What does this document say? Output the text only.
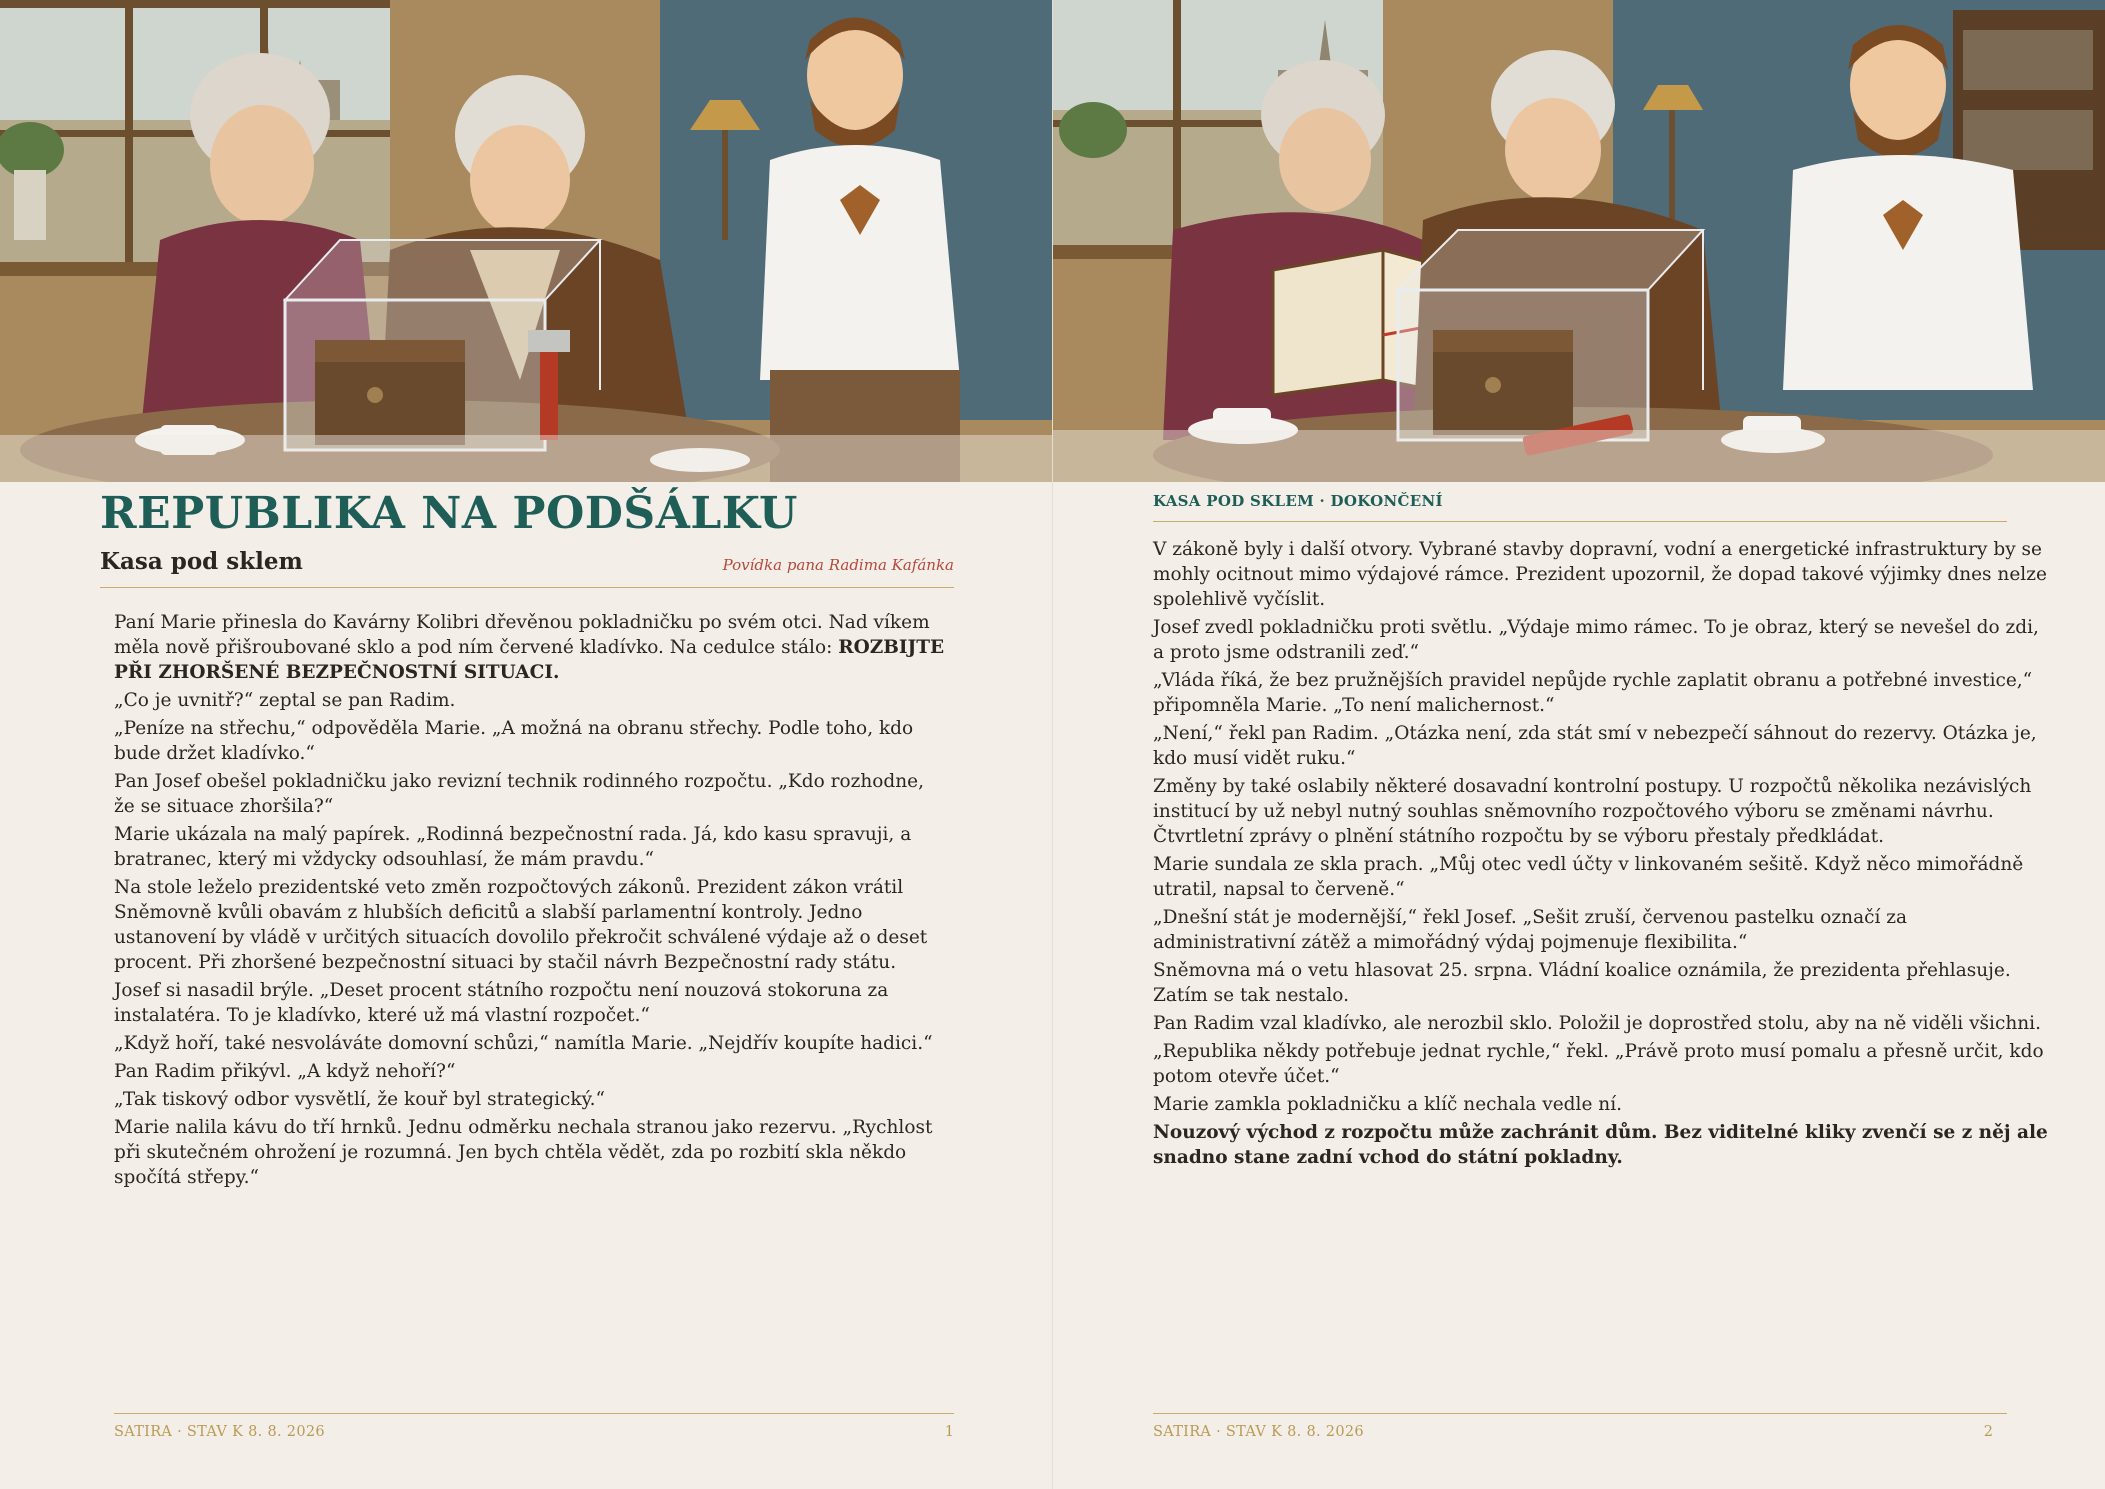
REPUBLIKA NA PODŠÁLKU
Kasa pod sklem	Povídka pana Radima Kafánka

Paní Marie přinesla do Kavárny Kolibri dřevěnou pokladničku po svém otci. Nad víkem měla nově přišroubované sklo a pod ním červené kladívko. Na cedulce stálo: ROZBIJTE PŘI ZHORŠENÉ BEZPEČNOSTNÍ SITUACI.

„Co je uvnitř?“ zeptal se pan Radim.

„Peníze na střechu,“ odpověděla Marie. „A možná na obranu střechy. Podle toho, kdo bude držet kladívko.“

Pan Josef obešel pokladničku jako revizní technik rodinného rozpočtu. „Kdo rozhodne, že se situace zhoršila?“

Marie ukázala na malý papírek. „Rodinná bezpečnostní rada. Já, kdo kasu spravuji, a bratranec, který mi vždycky odsouhlasí, že mám pravdu.“

Na stole leželo prezidentské veto změn rozpočtových zákonů. Prezident zákon vrátil Sněmovně kvůli obavám z hlubších deficitů a slabší parlamentní kontroly. Jedno ustanovení by vládě v určitých situacích dovolilo překročit schválené výdaje až o deset procent. Při zhoršené bezpečnostní situaci by stačil návrh Bezpečnostní rady státu.

Josef si nasadil brýle. „Deset procent státního rozpočtu není nouzová stokoruna za instalatéra. To je kladívko, které už má vlastní rozpočet.“

„Když hoří, také nesvoláváte domovní schůzi,“ namítla Marie. „Nejdřív koupíte hadici.“

Pan Radim přikývl. „A když nehoří?“

„Tak tiskový odbor vysvětlí, že kouř byl strategický.“

Marie nalila kávu do tří hrnků. Jednu odměrku nechala stranou jako rezervu. „Rychlost při skutečném ohrožení je rozumná. Jen bych chtěla vědět, zda po rozbití skla někdo spočítá střepy.“

SATIRA · STAV K 8. 8. 2026	1
KASA POD SKLEM · DOKONČENÍ

V zákoně byly i další otvory. Vybrané stavby dopravní, vodní a energetické infrastruktury by se mohly ocitnout mimo výdajové rámce. Prezident upozornil, že dopad takové výjimky dnes nelze spolehlivě vyčíslit.

Josef zvedl pokladničku proti světlu. „Výdaje mimo rámec. To je obraz, který se nevešel do zdi, a proto jsme odstranili zeď.“

„Vláda říká, že bez pružnějších pravidel nepůjde rychle zaplatit obranu a potřebné investice,“ připomněla Marie. „To není malichernost.“

„Není,“ řekl pan Radim. „Otázka není, zda stát smí v nebezpečí sáhnout do rezervy. Otázka je, kdo musí vidět ruku.“

Změny by také oslabily některé dosavadní kontrolní postupy. U rozpočtů několika nezávislých institucí by už nebyl nutný souhlas sněmovního rozpočtového výboru se změnami návrhu. Čtvrtletní zprávy o plnění státního rozpočtu by se výboru přestaly předkládat.

Marie sundala ze skla prach. „Můj otec vedl účty v linkovaném sešitě. Když něco mimořádně utratil, napsal to červeně.“

„Dnešní stát je modernější,“ řekl Josef. „Sešit zruší, červenou pastelku označí za administrativní zátěž a mimořádný výdaj pojmenuje flexibilita.“

Sněmovna má o vetu hlasovat 25. srpna. Vládní koalice oznámila, že prezidenta přehlasuje. Zatím se tak nestalo.

Pan Radim vzal kladívko, ale nerozbil sklo. Položil je doprostřed stolu, aby na ně viděli všichni.

„Republika někdy potřebuje jednat rychle,“ řekl. „Právě proto musí pomalu a přesně určit, kdo potom otevře účet.“

Marie zamkla pokladničku a klíč nechala vedle ní.

Nouzový východ z rozpočtu může zachránit dům. Bez viditelné kliky zvenčí se z něj ale snadno stane zadní vchod do státní pokladny.

SATIRA · STAV K 8. 8. 2026	2
